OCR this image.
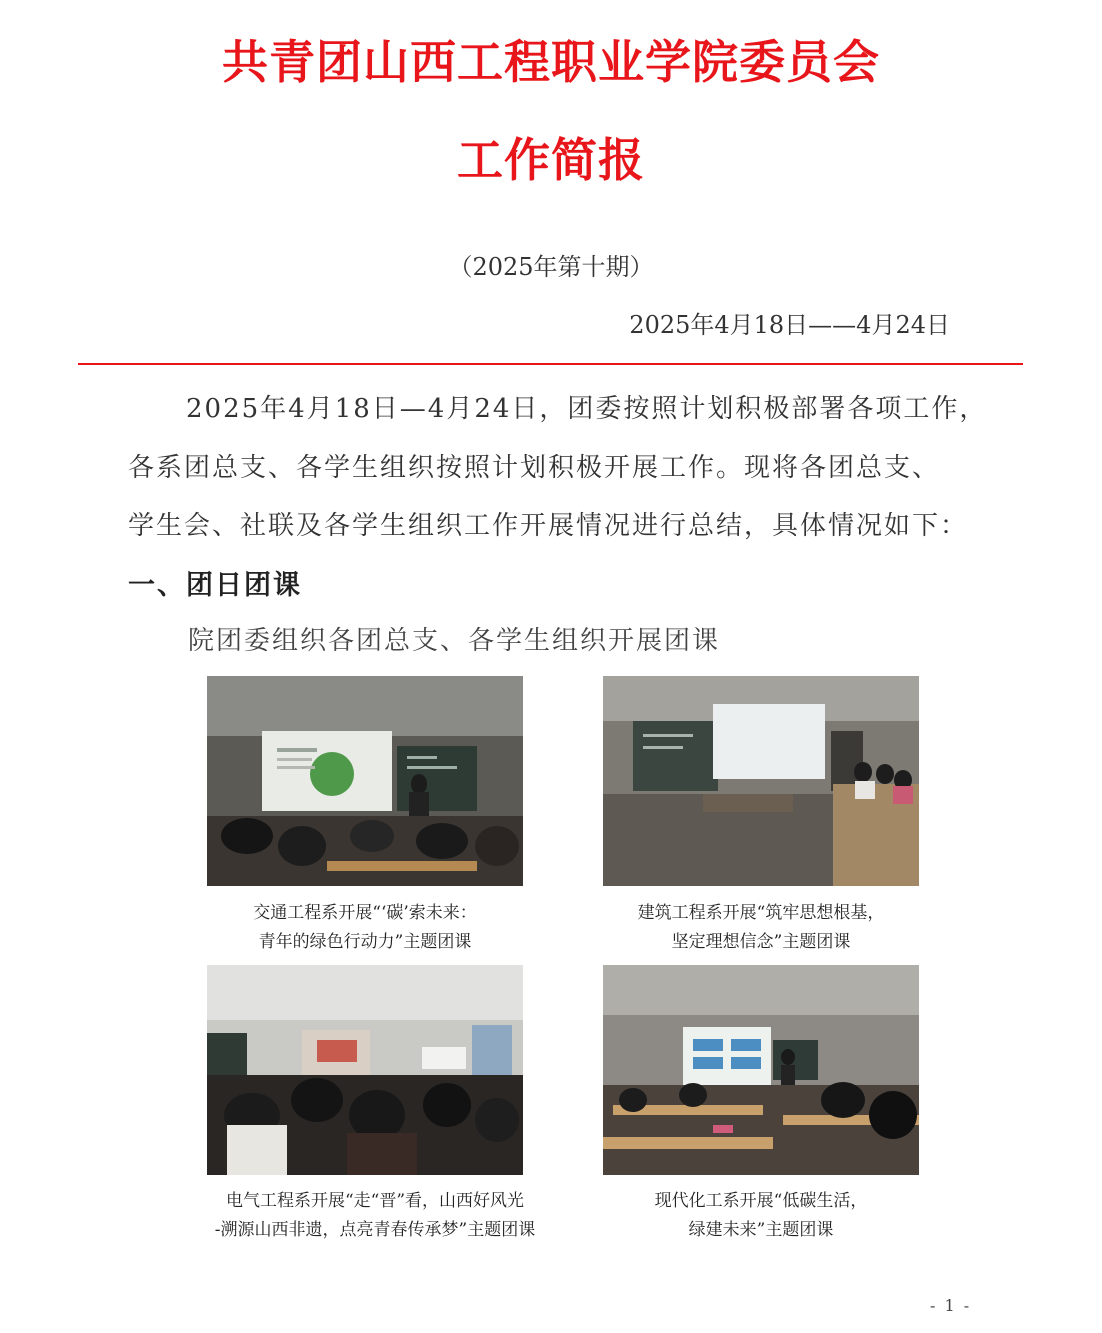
共青团山西工程职业学院委员会
工作简报
（2025年第十期）
2025年4月18日——4月24日
2025年4月18日—4月24日，团委按照计划积极部署各项工作，
各系团总支、各学生组织按照计划积极开展工作。现将各团总支、
学生会、社联及各学生组织工作开展情况进行总结，具体情况如下：
一、团日团课
院团委组织各团总支、各学生组织开展团课
交通工程系开展“‘碳’索未来：
青年的绿色行动力”主题团课
建筑工程系开展“筑牢思想根基，
坚定理想信念”主题团课
电气工程系开展“走“晋”看，山西好风光
-溯源山西非遗，点亮青春传承梦”主题团课
现代化工系开展“低碳生活，
绿建未来”主题团课
- 1 -
